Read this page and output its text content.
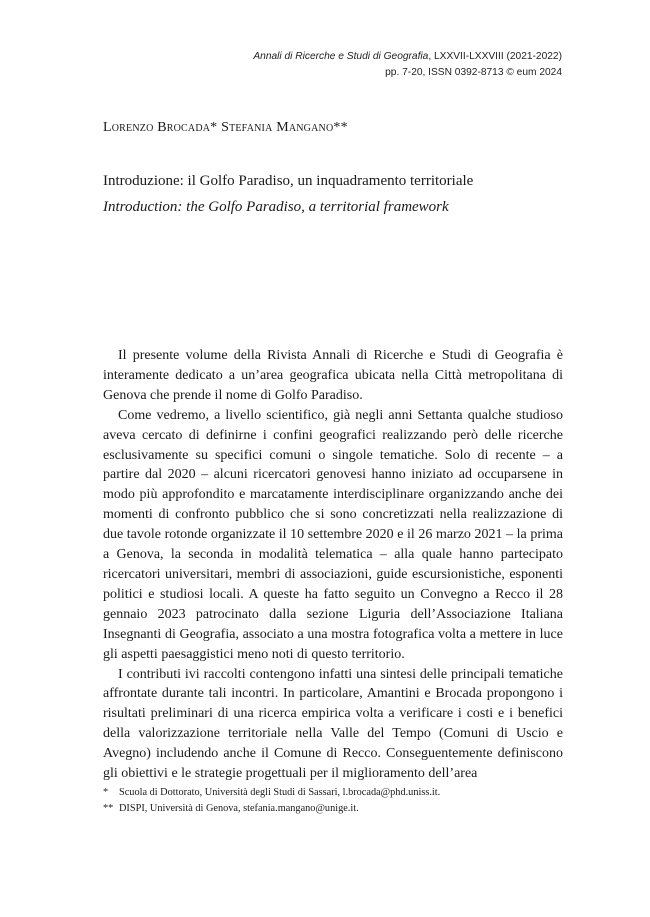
Annali di Ricerche e Studi di Geografia, LXXVII-LXXVIII (2021-2022)
pp. 7-20, ISSN 0392-8713 © eum 2024
Lorenzo Brocada* Stefania Mangano**
Introduzione: il Golfo Paradiso, un inquadramento territoriale
Introduction: the Golfo Paradiso, a territorial framework

Il presente volume della Rivista Annali di Ricerche e Studi di Geografia è interamente dedicato a un’area geografica ubicata nella Città metropolitana di Genova che prende il nome di Golfo Paradiso.

Come vedremo, a livello scientifico, già negli anni Settanta qualche studioso aveva cercato di definirne i confini geografici realizzando però delle ricerche esclusivamente su specifici comuni o singole tematiche. Solo di recente – a partire dal 2020 – alcuni ricercatori genovesi hanno iniziato ad occuparsene in modo più approfondito e marcatamente interdisciplinare organizzando anche dei momenti di confronto pubblico che si sono concretizzati nella realizzazione di due tavole rotonde organizzate il 10 settembre 2020 e il 26 marzo 2021 – la prima a Genova, la seconda in modalità telematica – alla quale hanno partecipato ricercatori universitari, membri di associazioni, guide escursionistiche, esponenti politici e studiosi locali. A queste ha fatto seguito un Convegno a Recco il 28 gennaio 2023 patrocinato dalla sezione Liguria dell’Associazione Italiana Insegnanti di Geografia, associato a una mostra fotografica volta a mettere in luce gli aspetti paesaggistici meno noti di questo territorio.

I contributi ivi raccolti contengono infatti una sintesi delle principali tematiche affrontate durante tali incontri. In particolare, Amantini e Brocada propongono i risultati preliminari di una ricerca empirica volta a verificare i costi e i benefici della valorizzazione territoriale nella Valle del Tempo (Comuni di Uscio e Avegno) includendo anche il Comune di Recco. Conseguentemente definiscono gli obiettivi e le strategie progettuali per il miglioramento dell’area

* Scuola di Dottorato, Università degli Studi di Sassari, l.brocada@phd.uniss.it.
** DISPI, Università di Genova, stefania.mangano@unige.it.
